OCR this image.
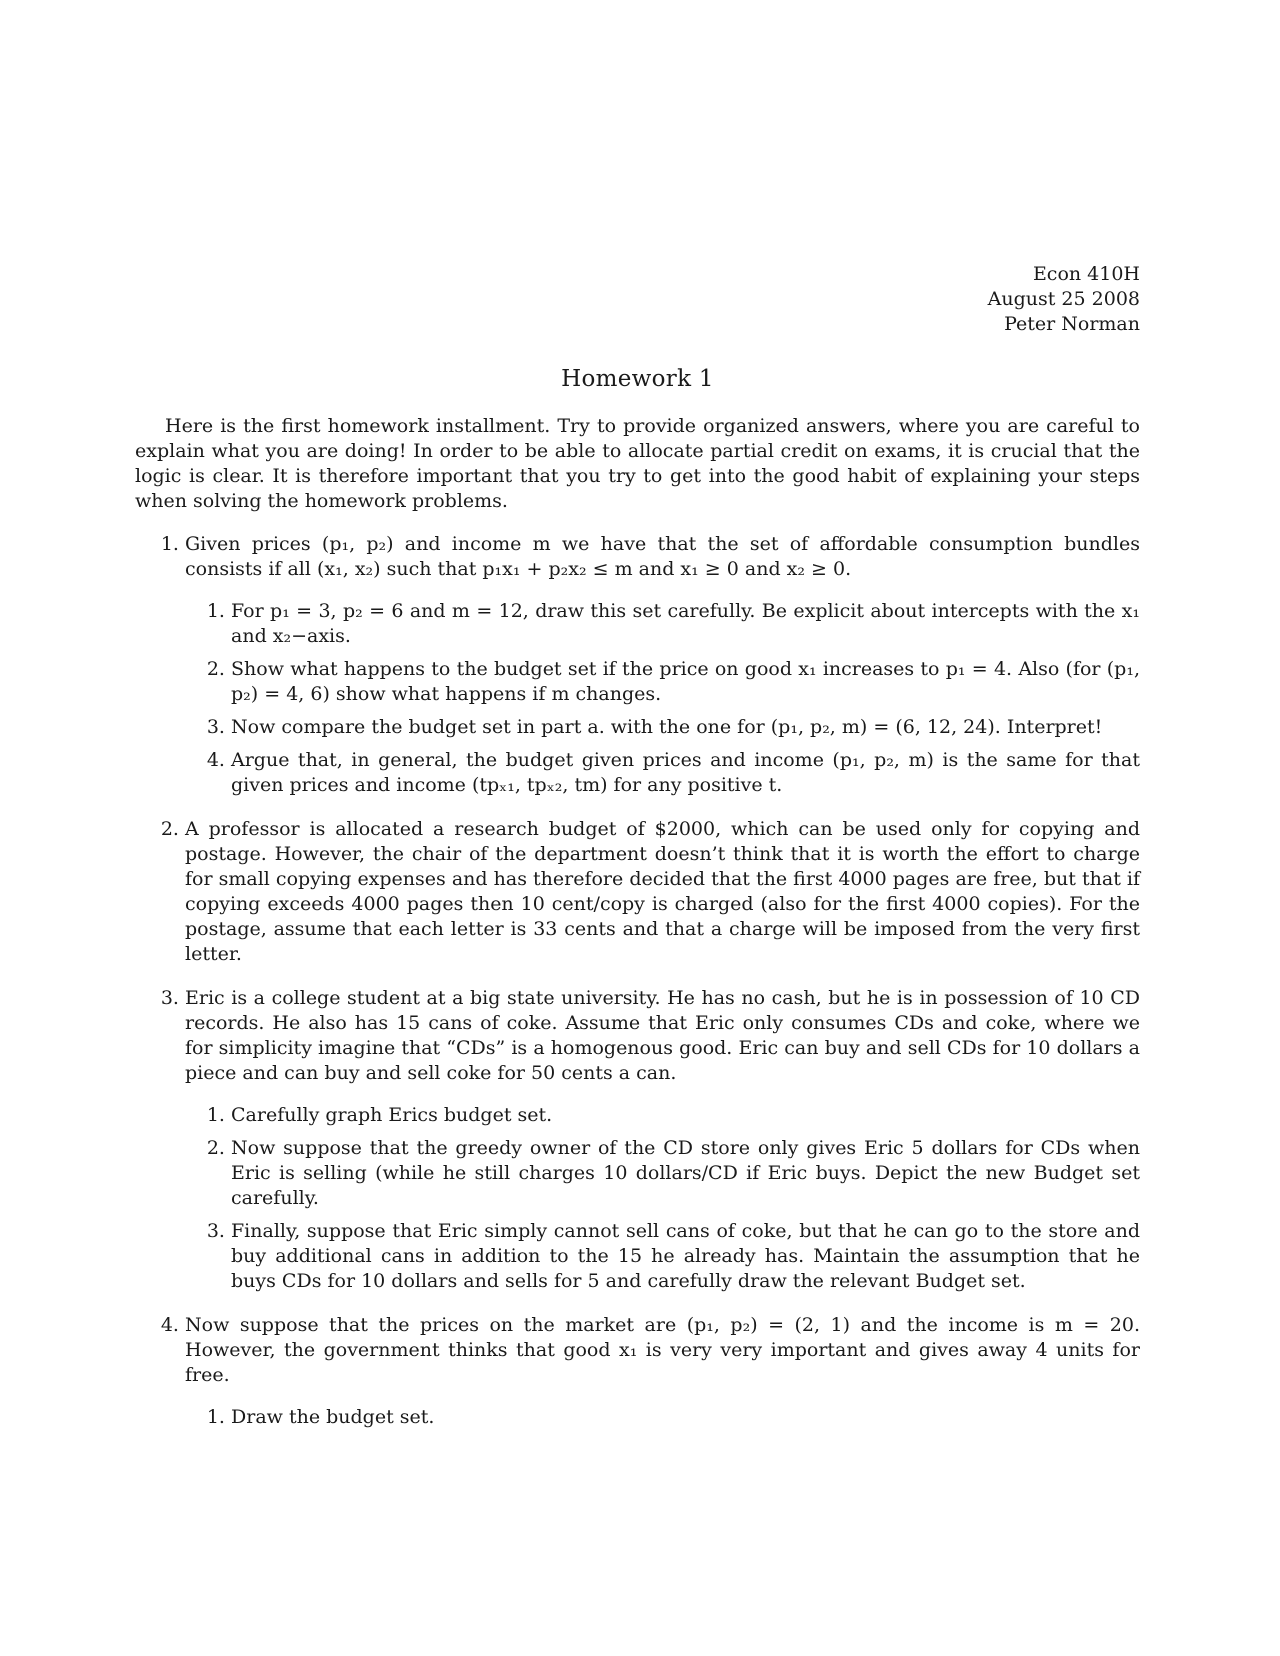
Econ 410H
August 25 2008
Peter Norman
Homework 1

Here is the first homework installment. Try to provide organized answers, where you are careful to explain what you are doing! In order to be able to allocate partial credit on exams, it is crucial that the logic is clear. It is therefore important that you try to get into the good habit of explaining your steps when solving the homework problems.

1. Given prices (p₁, p₂) and income m we have that the set of affordable consumption bundles consists if all (x₁, x₂) such that p₁x₁ + p₂x₂ ≤ m and x₁ ≥ 0 and x₂ ≥ 0.
1. For p₁ = 3, p₂ = 6 and m = 12, draw this set carefully. Be explicit about intercepts with the x₁ and x₂−axis.
2. Show what happens to the budget set if the price on good x₁ increases to p₁ = 4. Also (for (p₁, p₂) = 4, 6) show what happens if m changes.
3. Now compare the budget set in part a. with the one for (p₁, p₂, m) = (6, 12, 24). Interpret!
4. Argue that, in general, the budget given prices and income (p₁, p₂, m) is the same for that given prices and income (tpₓ₁, tpₓ₂, tm) for any positive t.
2. A professor is allocated a research budget of $2000, which can be used only for copying and postage. However, the chair of the department doesn’t think that it is worth the effort to charge for small copying expenses and has therefore decided that the first 4000 pages are free, but that if copying exceeds 4000 pages then 10 cent/copy is charged (also for the first 4000 copies). For the postage, assume that each letter is 33 cents and that a charge will be imposed from the very first letter.
3. Eric is a college student at a big state university. He has no cash, but he is in possession of 10 CD records. He also has 15 cans of coke. Assume that Eric only consumes CDs and coke, where we for simplicity imagine that “CDs” is a homogenous good. Eric can buy and sell CDs for 10 dollars a piece and can buy and sell coke for 50 cents a can.
1. Carefully graph Erics budget set.
2. Now suppose that the greedy owner of the CD store only gives Eric 5 dollars for CDs when Eric is selling (while he still charges 10 dollars/CD if Eric buys. Depict the new Budget set carefully.
3. Finally, suppose that Eric simply cannot sell cans of coke, but that he can go to the store and buy additional cans in addition to the 15 he already has. Maintain the assumption that he buys CDs for 10 dollars and sells for 5 and carefully draw the relevant Budget set.
4. Now suppose that the prices on the market are (p₁, p₂) = (2, 1) and the income is m = 20. However, the government thinks that good x₁ is very very important and gives away 4 units for free.
1. Draw the budget set.
